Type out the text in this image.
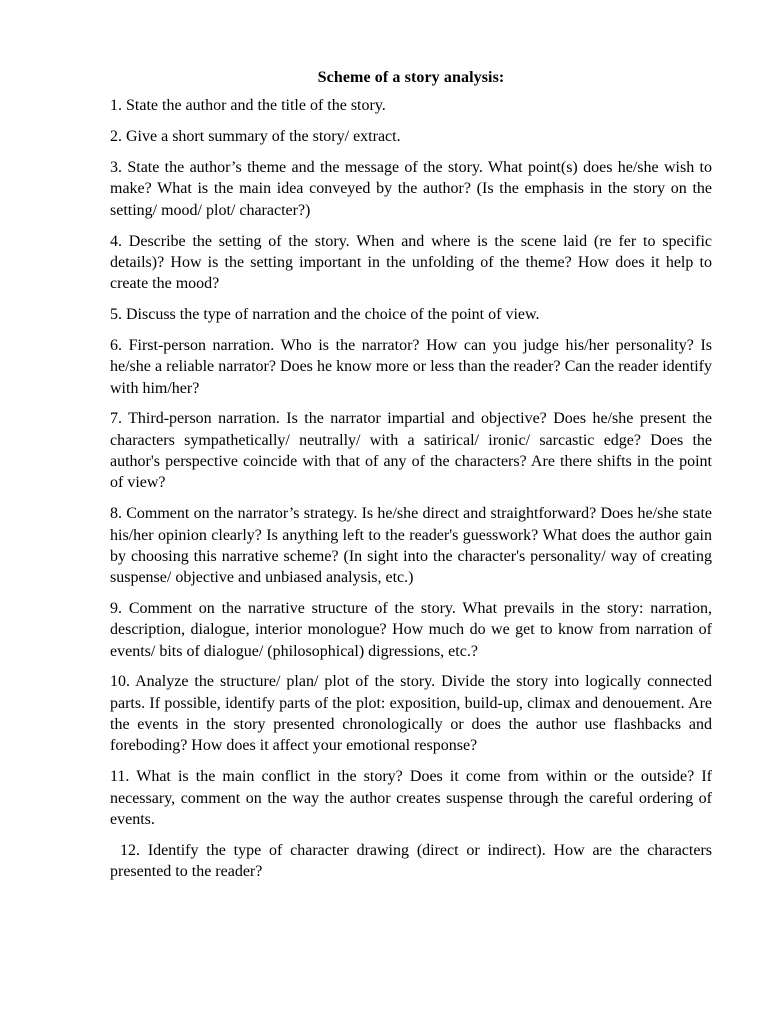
Scheme of a story analysis:

1. State the author and the title of the story.

2. Give a short summary of the story/ extract.

3. State the author’s theme and the message of the story. What point(s) does he/she wish to make? What is the main idea conveyed by the author? (Is the emphasis in the story on the setting/ mood/ plot/ character?)

4. Describe the setting of the story. When and where is the scene laid (re fer to specific details)? How is the setting important in the unfolding of the theme? How does it help to create the mood?

5. Discuss the type of narration and the choice of the point of view.

6. First-person narration. Who is the narrator? How can you judge his/her personality? Is he/she a reliable narrator? Does he know more or less than the reader? Can the reader identify with him/her?

7. Third-person narration. Is the narrator impartial and objective? Does he/she present the characters sympathetically/ neutrally/ with a satirical/ ironic/ sarcastic edge? Does the author's perspective coincide with that of any of the characters? Are there shifts in the point of view?

8. Comment on the narrator’s strategy. Is he/she direct and straightforward? Does he/she state his/her opinion clearly? Is anything left to the reader's guesswork? What does the author gain by choosing this narrative scheme? (In sight into the character's personality/ way of creating suspense/ objective and unbiased analysis, etc.)

9. Comment on the narrative structure of the story. What prevails in the story: narration, description, dialogue, interior monologue? How much do we get to know from narration of events/ bits of dialogue/ (philosophical) digressions, etc.?

10. Analyze the structure/ plan/ plot of the story. Divide the story into logically connected parts. If possible, identify parts of the plot: exposition, build-up, climax and denouement. Are the events in the story presented chronologically or does the author use flashbacks and foreboding? How does it affect your emotional response?

11. What is the main conflict in the story? Does it come from within or the outside? If necessary, comment on the way the author creates suspense through the careful ordering of events.

12. Identify the type of character drawing (direct or indirect). How are the characters presented to the reader?
